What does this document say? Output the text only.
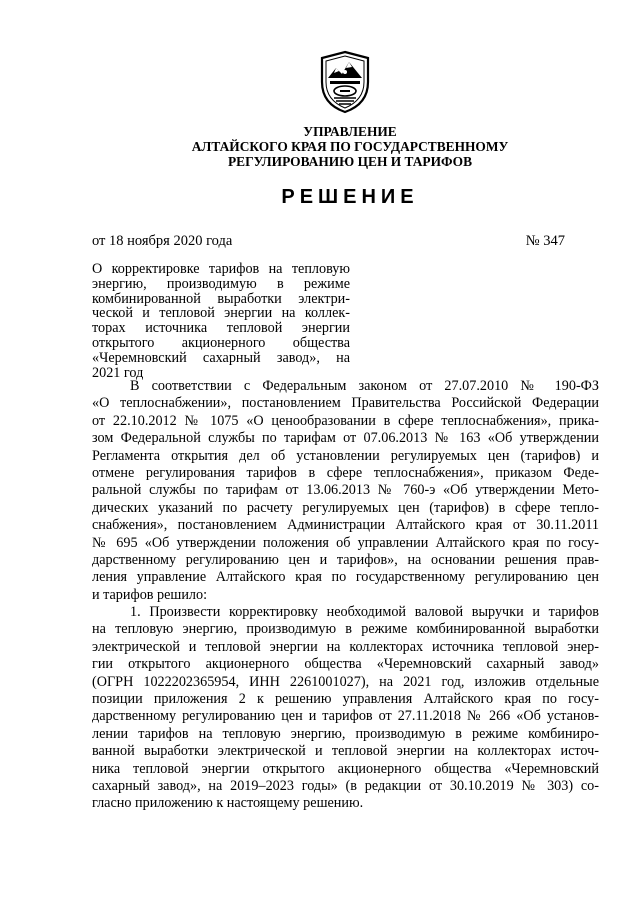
УПРАВЛЕНИЕ
АЛТАЙСКОГО КРАЯ ПО ГОСУДАРСТВЕННОМУ
РЕГУЛИРОВАНИЮ ЦЕН И ТАРИФОВ
РЕШЕНИЕ
от 18 ноября 2020 года	№ 347
О корректировке тарифов на тепловую
энергию, производимую в режиме
комбинированной выработки электри-
ческой и тепловой энергии на коллек-
торах источника тепловой энергии
открытого акционерного общества
«Черемновский сахарный завод», на
2021 год
В соответствии с Федеральным законом от 27.07.2010 № 190-ФЗ
«О теплоснабжении», постановлением Правительства Российской Федерации
от 22.10.2012 № 1075 «О ценообразовании в сфере теплоснабжения», прика-
зом Федеральной службы по тарифам от 07.06.2013 № 163 «Об утверждении
Регламента открытия дел об установлении регулируемых цен (тарифов) и
отмене регулирования тарифов в сфере теплоснабжения», приказом Феде-
ральной службы по тарифам от 13.06.2013 № 760-э «Об утверждении Мето-
дических указаний по расчету регулируемых цен (тарифов) в сфере тепло-
снабжения», постановлением Администрации Алтайского края от 30.11.2011
№ 695 «Об утверждении положения об управлении Алтайского края по госу-
дарственному регулированию цен и тарифов», на основании решения прав-
ления управление Алтайского края по государственному регулированию цен
и тарифов решило:
1. Произвести корректировку необходимой валовой выручки и тарифов
на тепловую энергию, производимую в режиме комбинированной выработки
электрической и тепловой энергии на коллекторах источника тепловой энер-
гии открытого акционерного общества «Черемновский сахарный завод»
(ОГРН 1022202365954, ИНН 2261001027), на 2021 год, изложив отдельные
позиции приложения 2 к решению управления Алтайского края по госу-
дарственному регулированию цен и тарифов от 27.11.2018 № 266 «Об установ-
лении тарифов на тепловую энергию, производимую в режиме комбиниро-
ванной выработки электрической и тепловой энергии на коллекторах источ-
ника тепловой энергии открытого акционерного общества «Черемновский
сахарный завод», на 2019–2023 годы» (в редакции от 30.10.2019 № 303) со-
гласно приложению к настоящему решению.
